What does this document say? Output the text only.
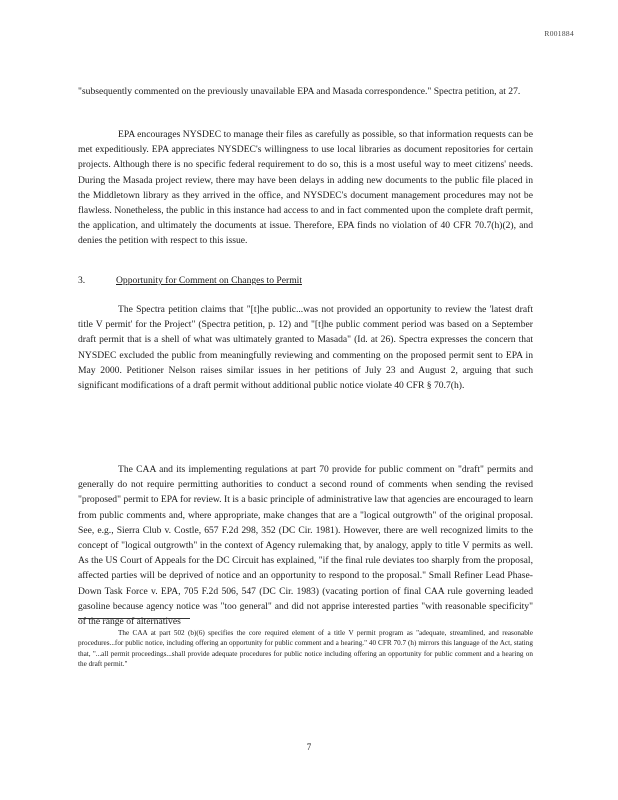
R001884

"subsequently commented on the previously unavailable EPA and Masada correspondence." Spectra petition, at 27.

EPA encourages NYSDEC to manage their files as carefully as possible, so that information requests can be met expeditiously. EPA appreciates NYSDEC's willingness to use local libraries as document repositories for certain projects. Although there is no specific federal requirement to do so, this is a most useful way to meet citizens' needs. During the Masada project review, there may have been delays in adding new documents to the public file placed in the Middletown library as they arrived in the office, and NYSDEC's document management procedures may not be flawless. Nonetheless, the public in this instance had access to and in fact commented upon the complete draft permit, the application, and ultimately the documents at issue. Therefore, EPA finds no violation of 40 CFR 70.7(h)(2), and denies the petition with respect to this issue.

3.	Opportunity for Comment on Changes to Permit

The Spectra petition claims that "[t]he public...was not provided an opportunity to review the 'latest draft title V permit' for the Project" (Spectra petition, p. 12) and "[t]he public comment period was based on a September draft permit that is a shell of what was ultimately granted to Masada" (Id. at 26). Spectra expresses the concern that NYSDEC excluded the public from meaningfully reviewing and commenting on the proposed permit sent to EPA in May 2000. Petitioner Nelson raises similar issues in her petitions of July 23 and August 2, arguing that such significant modifications of a draft permit without additional public notice violate 40 CFR § 70.7(h).

The CAA and its implementing regulations at part 70 provide for public comment on "draft" permits and generally do not require permitting authorities to conduct a second round of comments when sending the revised "proposed" permit to EPA for review. It is a basic principle of administrative law that agencies are encouraged to learn from public comments and, where appropriate, make changes that are a "logical outgrowth" of the original proposal. See, e.g., Sierra Club v. Costle, 657 F.2d 298, 352 (DC Cir. 1981). However, there are well recognized limits to the concept of "logical outgrowth" in the context of Agency rulemaking that, by analogy, apply to title V permits as well. As the US Court of Appeals for the DC Circuit has explained, "if the final rule deviates too sharply from the proposal, affected parties will be deprived of notice and an opportunity to respond to the proposal." Small Refiner Lead Phase-Down Task Force v. EPA, 705 F.2d 506, 547 (DC Cir. 1983) (vacating portion of final CAA rule governing leaded gasoline because agency notice was "too general" and did not apprise interested parties "with reasonable specificity" of the range of alternatives

The CAA at part 502 (b)(6) specifies the core required element of a title V permit program as "adequate, streamlined, and reasonable procedures...for public notice, including offering an opportunity for public comment and a hearing." 40 CFR 70.7 (h) mirrors this language of the Act, stating that, "...all permit proceedings...shall provide adequate procedures for public notice including offering an opportunity for public comment and a hearing on the draft permit."

7
